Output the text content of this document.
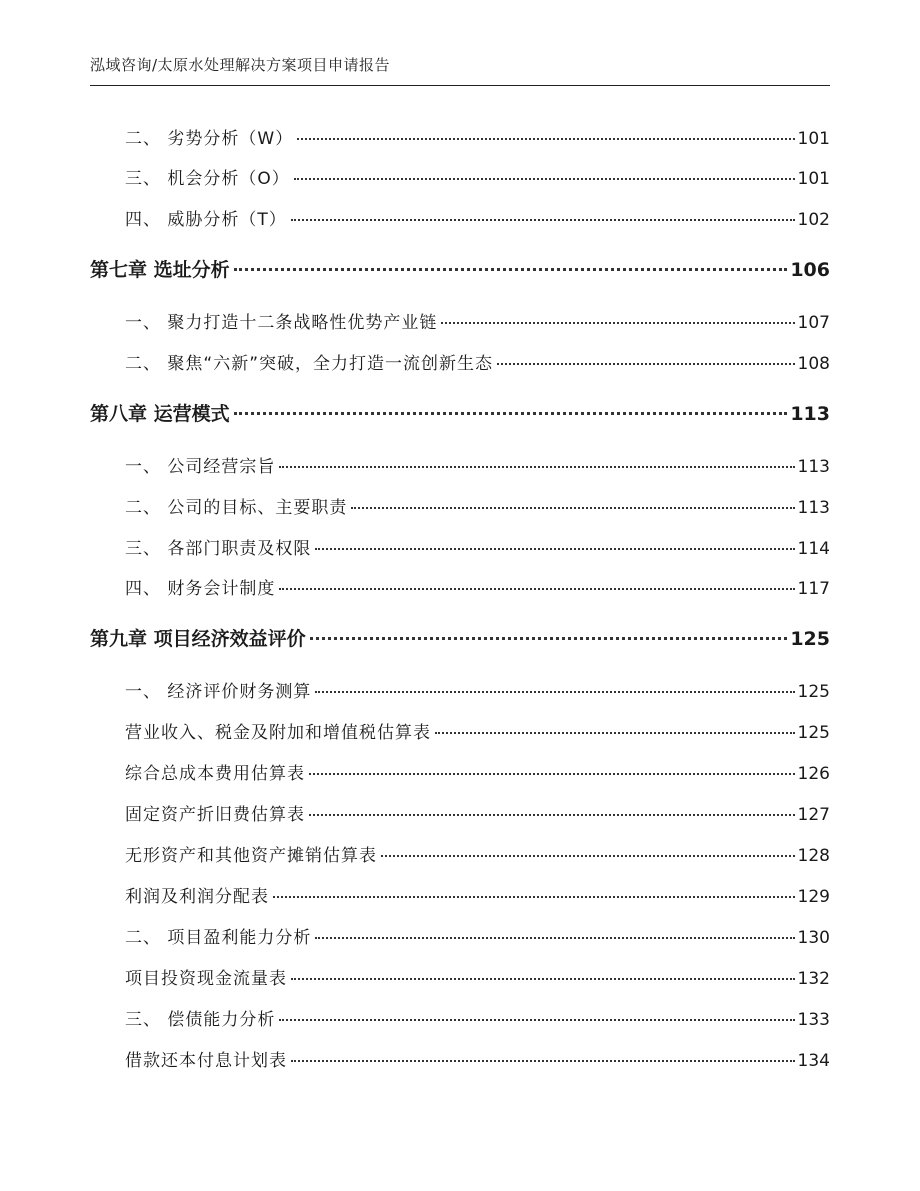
泓域咨询/太原水处理解决方案项目申请报告
二、 劣势分析（W）	101
三、 机会分析（O）	101
四、 威胁分析（T）	102
第七章 选址分析	106
一、 聚力打造十二条战略性优势产业链	107
二、 聚焦“六新”突破，全力打造一流创新生态	108
第八章 运营模式	113
一、 公司经营宗旨	113
二、 公司的目标、主要职责	113
三、 各部门职责及权限	114
四、 财务会计制度	117
第九章 项目经济效益评价	125
一、 经济评价财务测算	125
营业收入、税金及附加和增值税估算表	125
综合总成本费用估算表	126
固定资产折旧费估算表	127
无形资产和其他资产摊销估算表	128
利润及利润分配表	129
二、 项目盈利能力分析	130
项目投资现金流量表	132
三、 偿债能力分析	133
借款还本付息计划表	134
